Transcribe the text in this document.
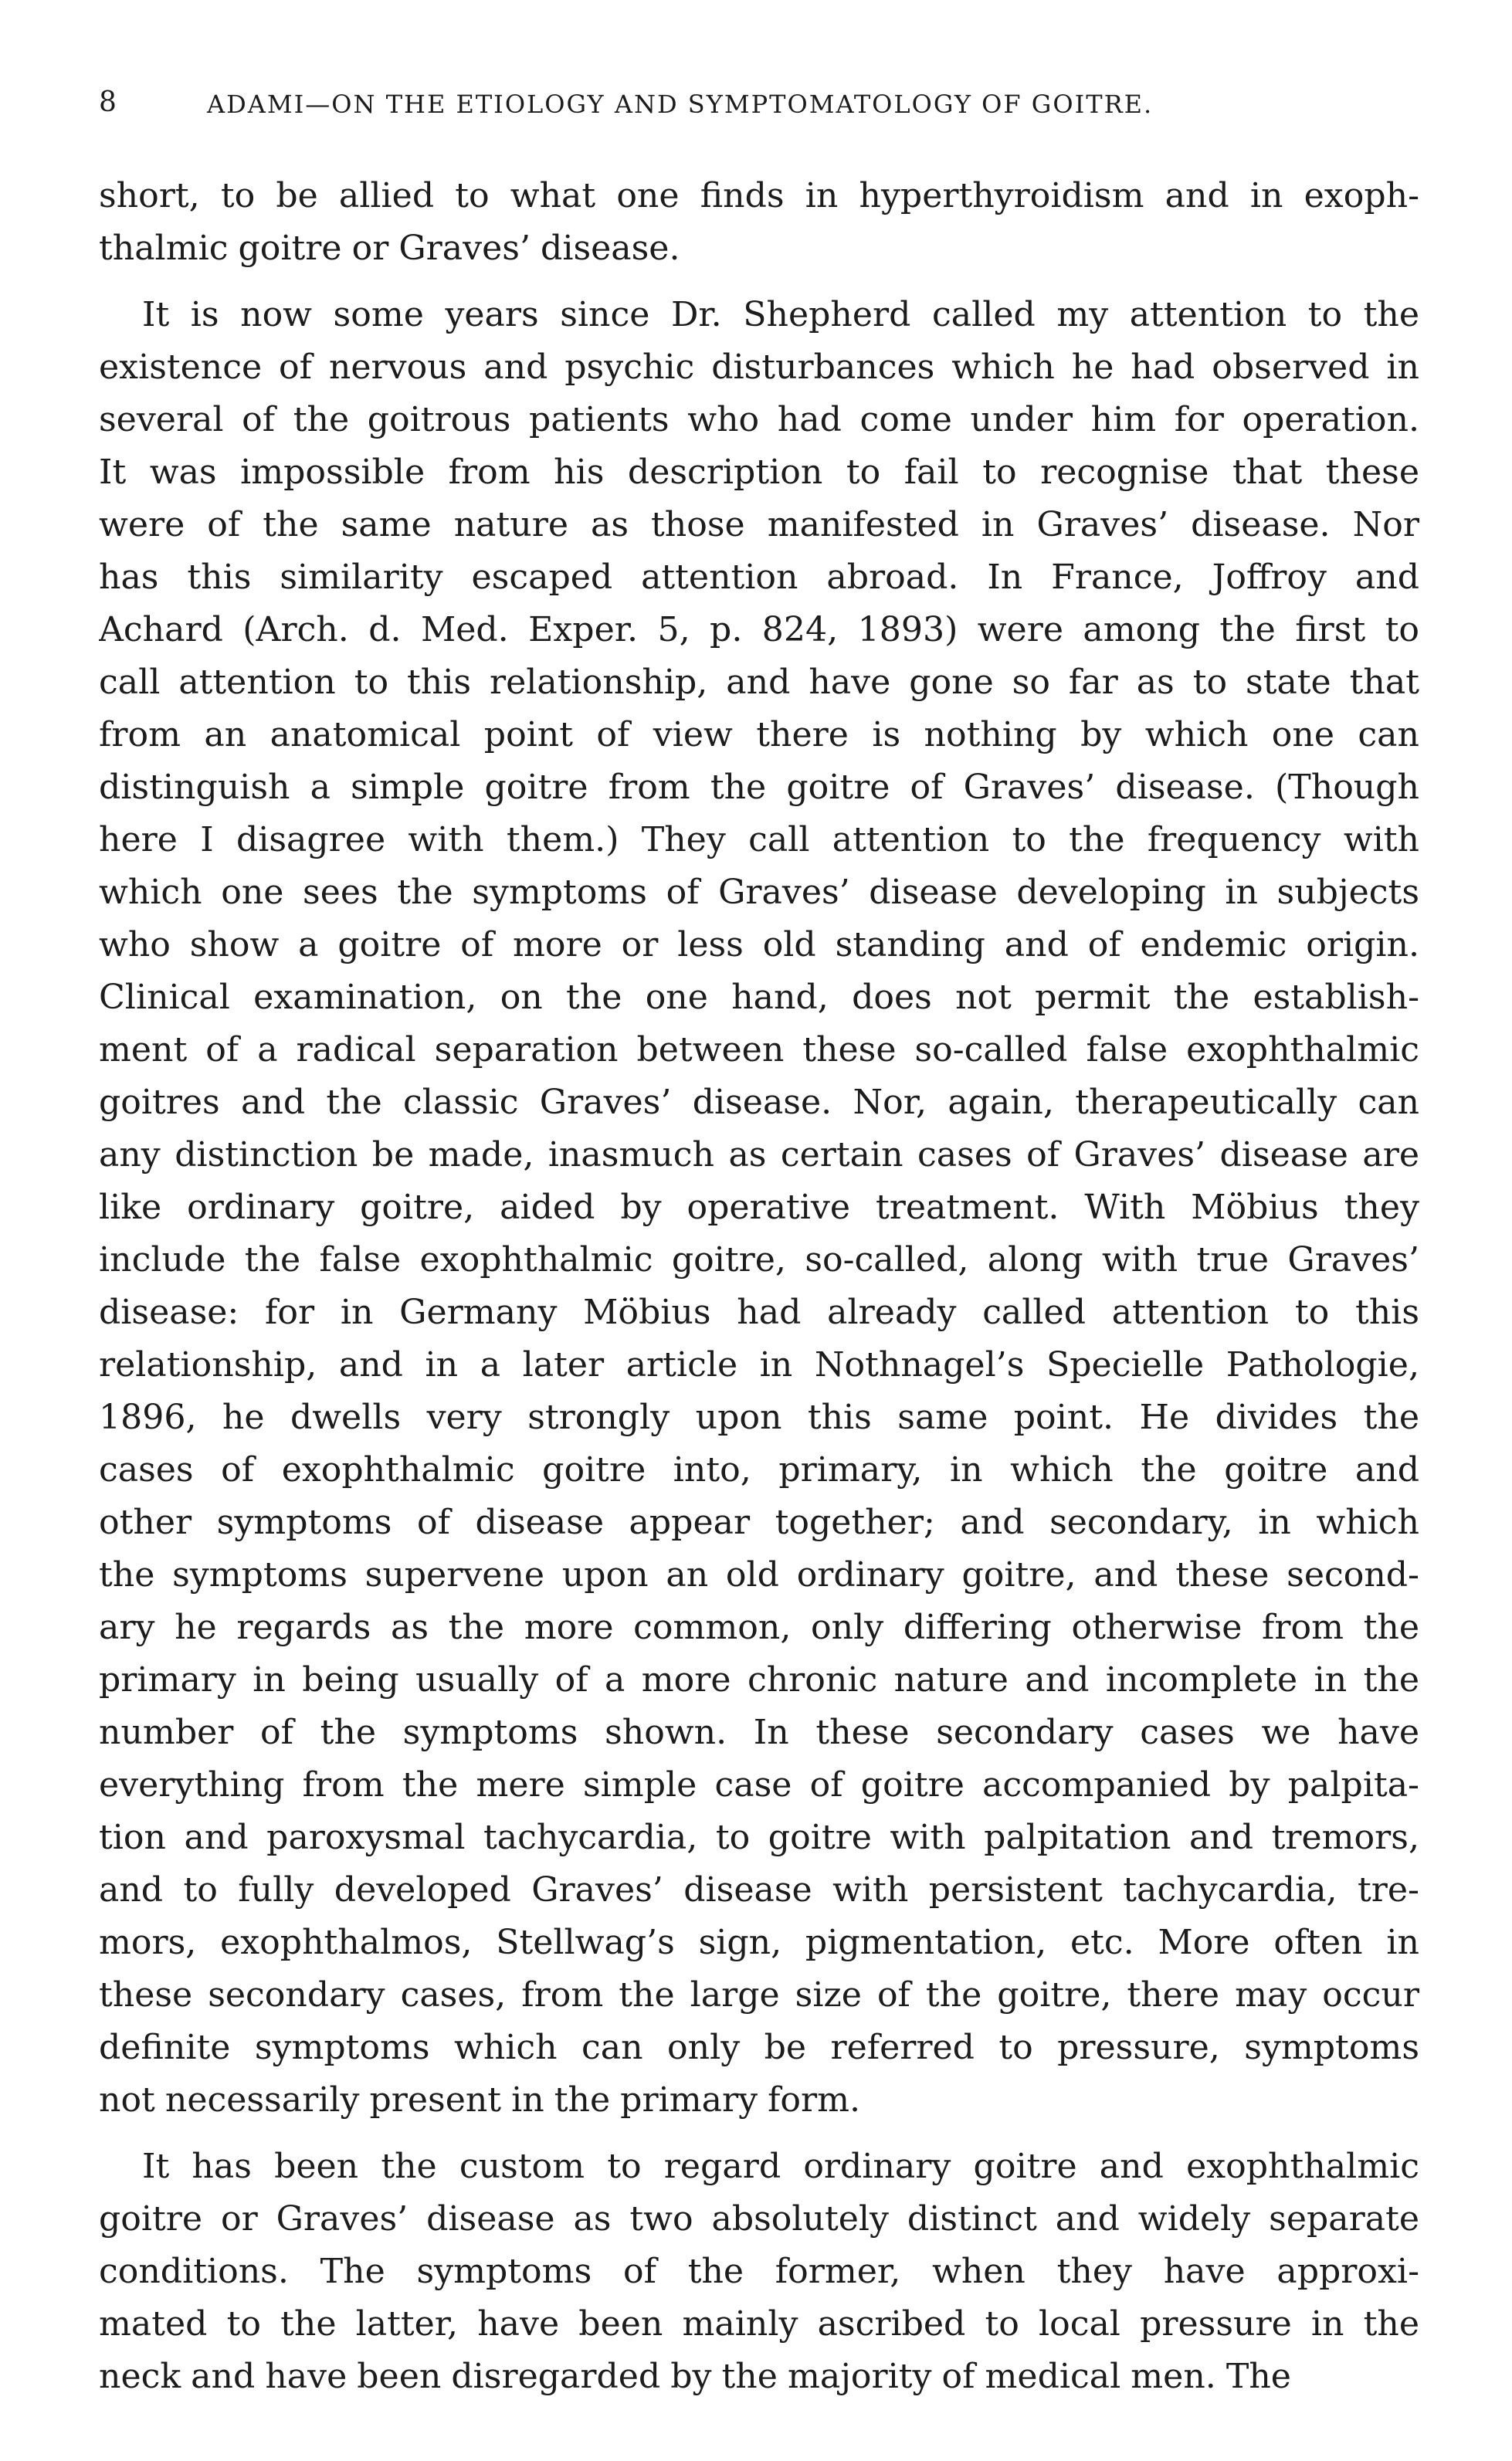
8	ADAMI—ON THE ETIOLOGY AND SYMPTOMATOLOGY OF GOITRE.

short, to be allied to what one finds in hyperthyroidism and in exoph-
thalmic goitre or Graves’ disease.

It is now some years since Dr. Shepherd called my attention to the
existence of nervous and psychic disturbances which he had observed in
several of the goitrous patients who had come under him for operation.
It was impossible from his description to fail to recognise that these
were of the same nature as those manifested in Graves’ disease. Nor
has this similarity escaped attention abroad. In France, Joffroy and
Achard (Arch. d. Med. Exper. 5, p. 824, 1893) were among the first to
call attention to this relationship, and have gone so far as to state that
from an anatomical point of view there is nothing by which one can
distinguish a simple goitre from the goitre of Graves’ disease. (Though
here I disagree with them.) They call attention to the frequency with
which one sees the symptoms of Graves’ disease developing in subjects
who show a goitre of more or less old standing and of endemic origin.
Clinical examination, on the one hand, does not permit the establish-
ment of a radical separation between these so-called false exophthalmic
goitres and the classic Graves’ disease. Nor, again, therapeutically can
any distinction be made, inasmuch as certain cases of Graves’ disease are
like ordinary goitre, aided by operative treatment. With Möbius they
include the false exophthalmic goitre, so-called, along with true Graves’
disease: for in Germany Möbius had already called attention to this
relationship, and in a later article in Nothnagel’s Specielle Pathologie,
1896, he dwells very strongly upon this same point. He divides the
cases of exophthalmic goitre into, primary, in which the goitre and
other symptoms of disease appear together; and secondary, in which
the symptoms supervene upon an old ordinary goitre, and these second-
ary he regards as the more common, only differing otherwise from the
primary in being usually of a more chronic nature and incomplete in the
number of the symptoms shown. In these secondary cases we have
everything from the mere simple case of goitre accompanied by palpita-
tion and paroxysmal tachycardia, to goitre with palpitation and tremors,
and to fully developed Graves’ disease with persistent tachycardia, tre-
mors, exophthalmos, Stellwag’s sign, pigmentation, etc. More often in
these secondary cases, from the large size of the goitre, there may occur
definite symptoms which can only be referred to pressure, symptoms
not necessarily present in the primary form.

It has been the custom to regard ordinary goitre and exophthalmic
goitre or Graves’ disease as two absolutely distinct and widely separate
conditions. The symptoms of the former, when they have approxi-
mated to the latter, have been mainly ascribed to local pressure in the
neck and have been disregarded by the majority of medical men. The
